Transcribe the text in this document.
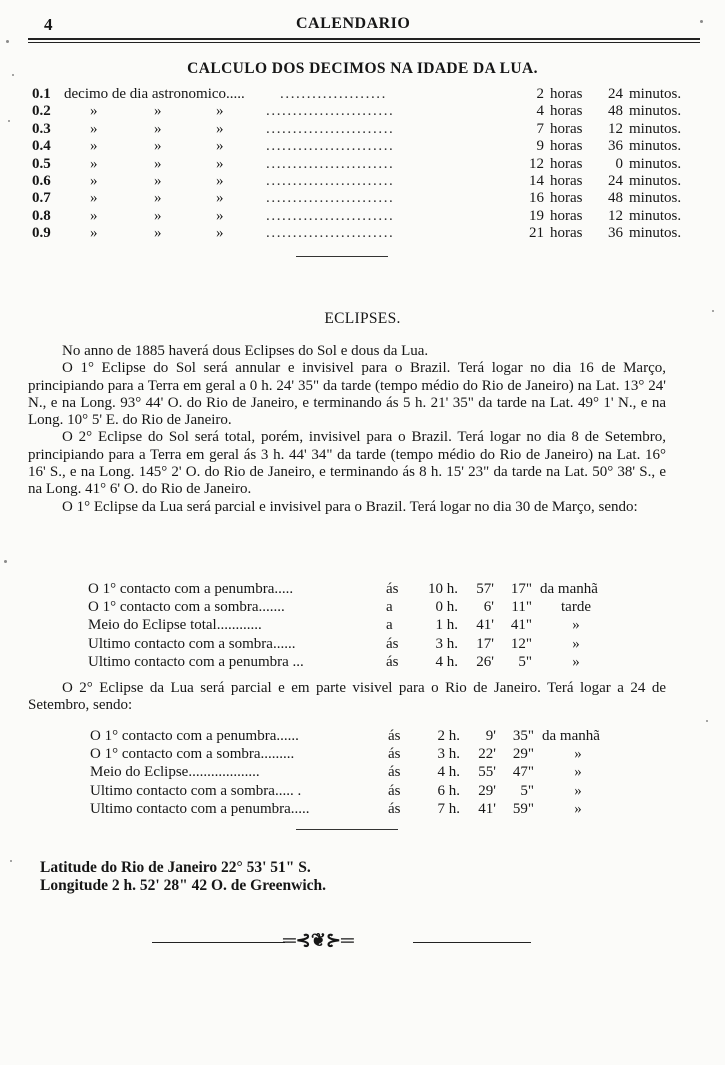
4	CALENDARIO
CALCULO DOS DECIMOS NA IDADE DA LUA.
0.1 decimo de dia astronomico..... ....................	2 horas	24 minutos.
0.2	»	»	»	........................	4 horas	48 minutos.
0.3	»	»	»	........................	7 horas	12 minutos.
0.4	»	»	»	........................	9 horas	36 minutos.
0.5	»	»	»	........................	12 horas	0 minutos.
0.6	»	»	»	........................	14 horas	24 minutos.
0.7	»	»	»	........................	16 horas	48 minutos.
0.8	»	»	»	........................	19 horas	12 minutos.
0.9	»	»	»	........................	21 horas	36 minutos.
ECLIPSES.

No anno de 1885 haverá dous Eclipses do Sol e dous da Lua.

O 1° Eclipse do Sol será annular e invisivel para o Brazil. Terá logar no dia 16 de Março, principiando para a Terra em geral a 0 h. 24' 35" da tarde (tempo médio do Rio de Janeiro) na Lat. 13° 24' N., e na Long. 93° 44' O. do Rio de Janeiro, e terminando ás 5 h. 21' 35" da tarde na Lat. 49° 1' N., e na Long. 10° 5' E. do Rio de Janeiro.

O 2° Eclipse do Sol será total, porém, invisivel para o Brazil. Terá logar no dia 8 de Setembro, principiando para a Terra em geral ás 3 h. 44' 34" da tarde (tempo médio do Rio de Janeiro) na Lat. 16° 16' S., e na Long. 145° 2' O. do Rio de Janeiro, e terminando ás 8 h. 15' 23" da tarde na Lat. 50° 38' S., e na Long. 41° 6' O. do Rio de Janeiro.

O 1° Eclipse da Lua será parcial e invisivel para o Brazil. Terá logar no dia 30 de Março, sendo:

O 1° contacto com a penumbra.....	ás	10 h.	57'	17" da manhã
O 1° contacto com a sombra.......	a	0 h.	6'	11"	tarde
Meio do Eclipse total............	a	1 h.	41'	41"	»
Ultimo contacto com a sombra......	ás	3 h.	17'	12"	»
Ultimo contacto com a penumbra ...	ás	4 h.	26'	5"	»

O 2° Eclipse da Lua será parcial e em parte visivel para o Rio de Janeiro. Terá logar a 24 de Setembro, sendo:

O 1° contacto com a penumbra......	ás	2 h.	9'	35" da manhã
O 1° contacto com a sombra.........	ás	3 h.	22'	29"	»
Meio do Eclipse...................	ás	4 h.	55'	47"	»
Ultimo contacto com a sombra..... .	ás	6 h.	29'	5"	»
Ultimo contacto com a penumbra.....	ás	7 h.	41'	59"	»
Latitude do Rio de Janeiro 22° 53' 51" S.
Longitude 2 h. 52' 28" 42 O. de Greenwich.
═⊰❦⊱═
